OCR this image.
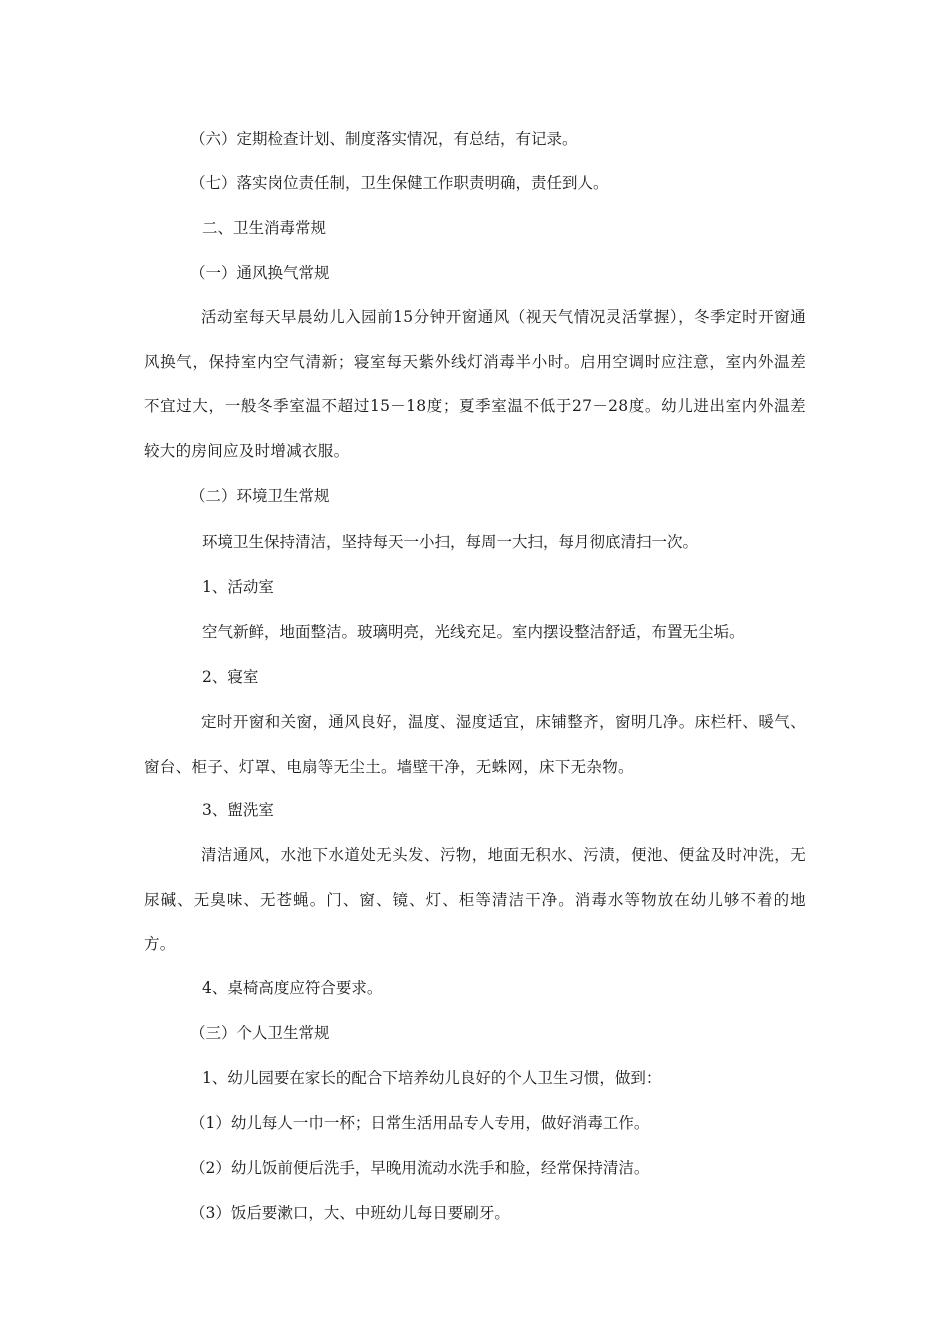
（六）定期检查计划、制度落实情况，有总结，有记录。
（七）落实岗位责任制，卫生保健工作职责明确，责任到人。
二、卫生消毒常规
（一）通风换气常规

活动室每天早晨幼儿入园前15分钟开窗通风（视天气情况灵活掌握），冬季定时开窗通风换气，保持室内空气清新；寝室每天紫外线灯消毒半小时。启用空调时应注意，室内外温差不宜过大，一般冬季室温不超过15－18度；夏季室温不低于27－28度。幼儿进出室内外温差较大的房间应及时增减衣服。

（二）环境卫生常规
环境卫生保持清洁，坚持每天一小扫，每周一大扫，每月彻底清扫一次。
1、活动室
空气新鲜，地面整洁。玻璃明亮，光线充足。室内摆设整洁舒适，布置无尘垢。
2、寝室

定时开窗和关窗，通风良好，温度、湿度适宜，床铺整齐，窗明几净。床栏杆、暖气、窗台、柜子、灯罩、电扇等无尘土。墙壁干净，无蛛网，床下无杂物。

3、盥洗室

清洁通风，水池下水道处无头发、污物，地面无积水、污渍，便池、便盆及时冲洗，无尿碱、无臭味、无苍蝇。门、窗、镜、灯、柜等清洁干净。消毒水等物放在幼儿够不着的地方。

4、桌椅高度应符合要求。
（三）个人卫生常规
1、幼儿园要在家长的配合下培养幼儿良好的个人卫生习惯，做到：
（1）幼儿每人一巾一杯；日常生活用品专人专用，做好消毒工作。
（2）幼儿饭前便后洗手，早晚用流动水洗手和脸，经常保持清洁。
（3）饭后要漱口，大、中班幼儿每日要刷牙。
